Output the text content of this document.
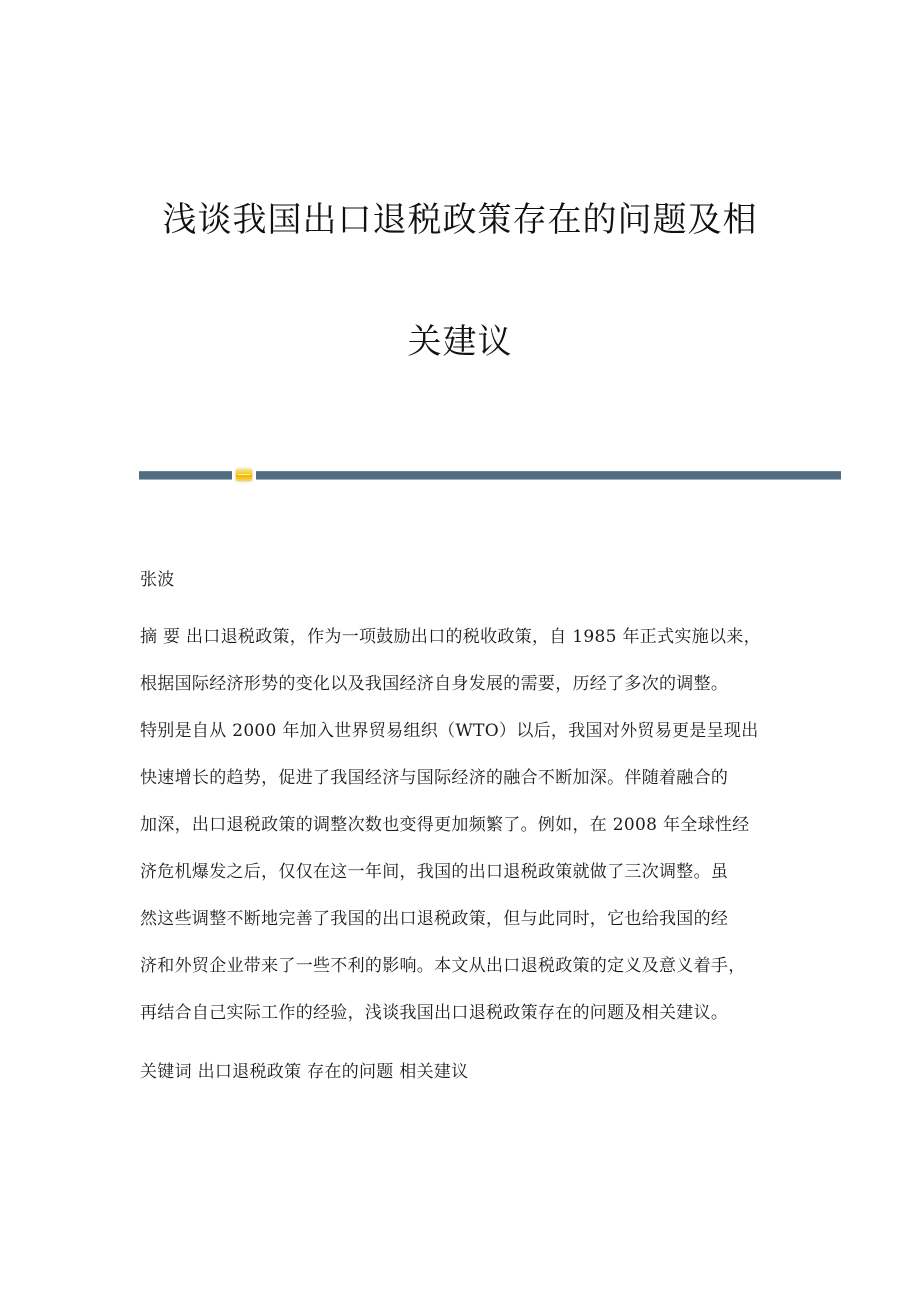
浅谈我国出口退税政策存在的问题及相
关建议
张波
摘 要 出口退税政策，作为一项鼓励出口的税收政策，自 1985 年正式实施以来，
根据国际经济形势的变化以及我国经济自身发展的需要，历经了多次的调整。
特别是自从 2000 年加入世界贸易组织（WTO）以后，我国对外贸易更是呈现出
快速增长的趋势，促进了我国经济与国际经济的融合不断加深。伴随着融合的
加深，出口退税政策的调整次数也变得更加频繁了。例如，在 2008 年全球性经
济危机爆发之后，仅仅在这一年间，我国的出口退税政策就做了三次调整。虽
然这些调整不断地完善了我国的出口退税政策，但与此同时，它也给我国的经
济和外贸企业带来了一些不利的影响。本文从出口退税政策的定义及意义着手，
再结合自己实际工作的经验，浅谈我国出口退税政策存在的问题及相关建议。
关键词 出口退税政策 存在的问题 相关建议
